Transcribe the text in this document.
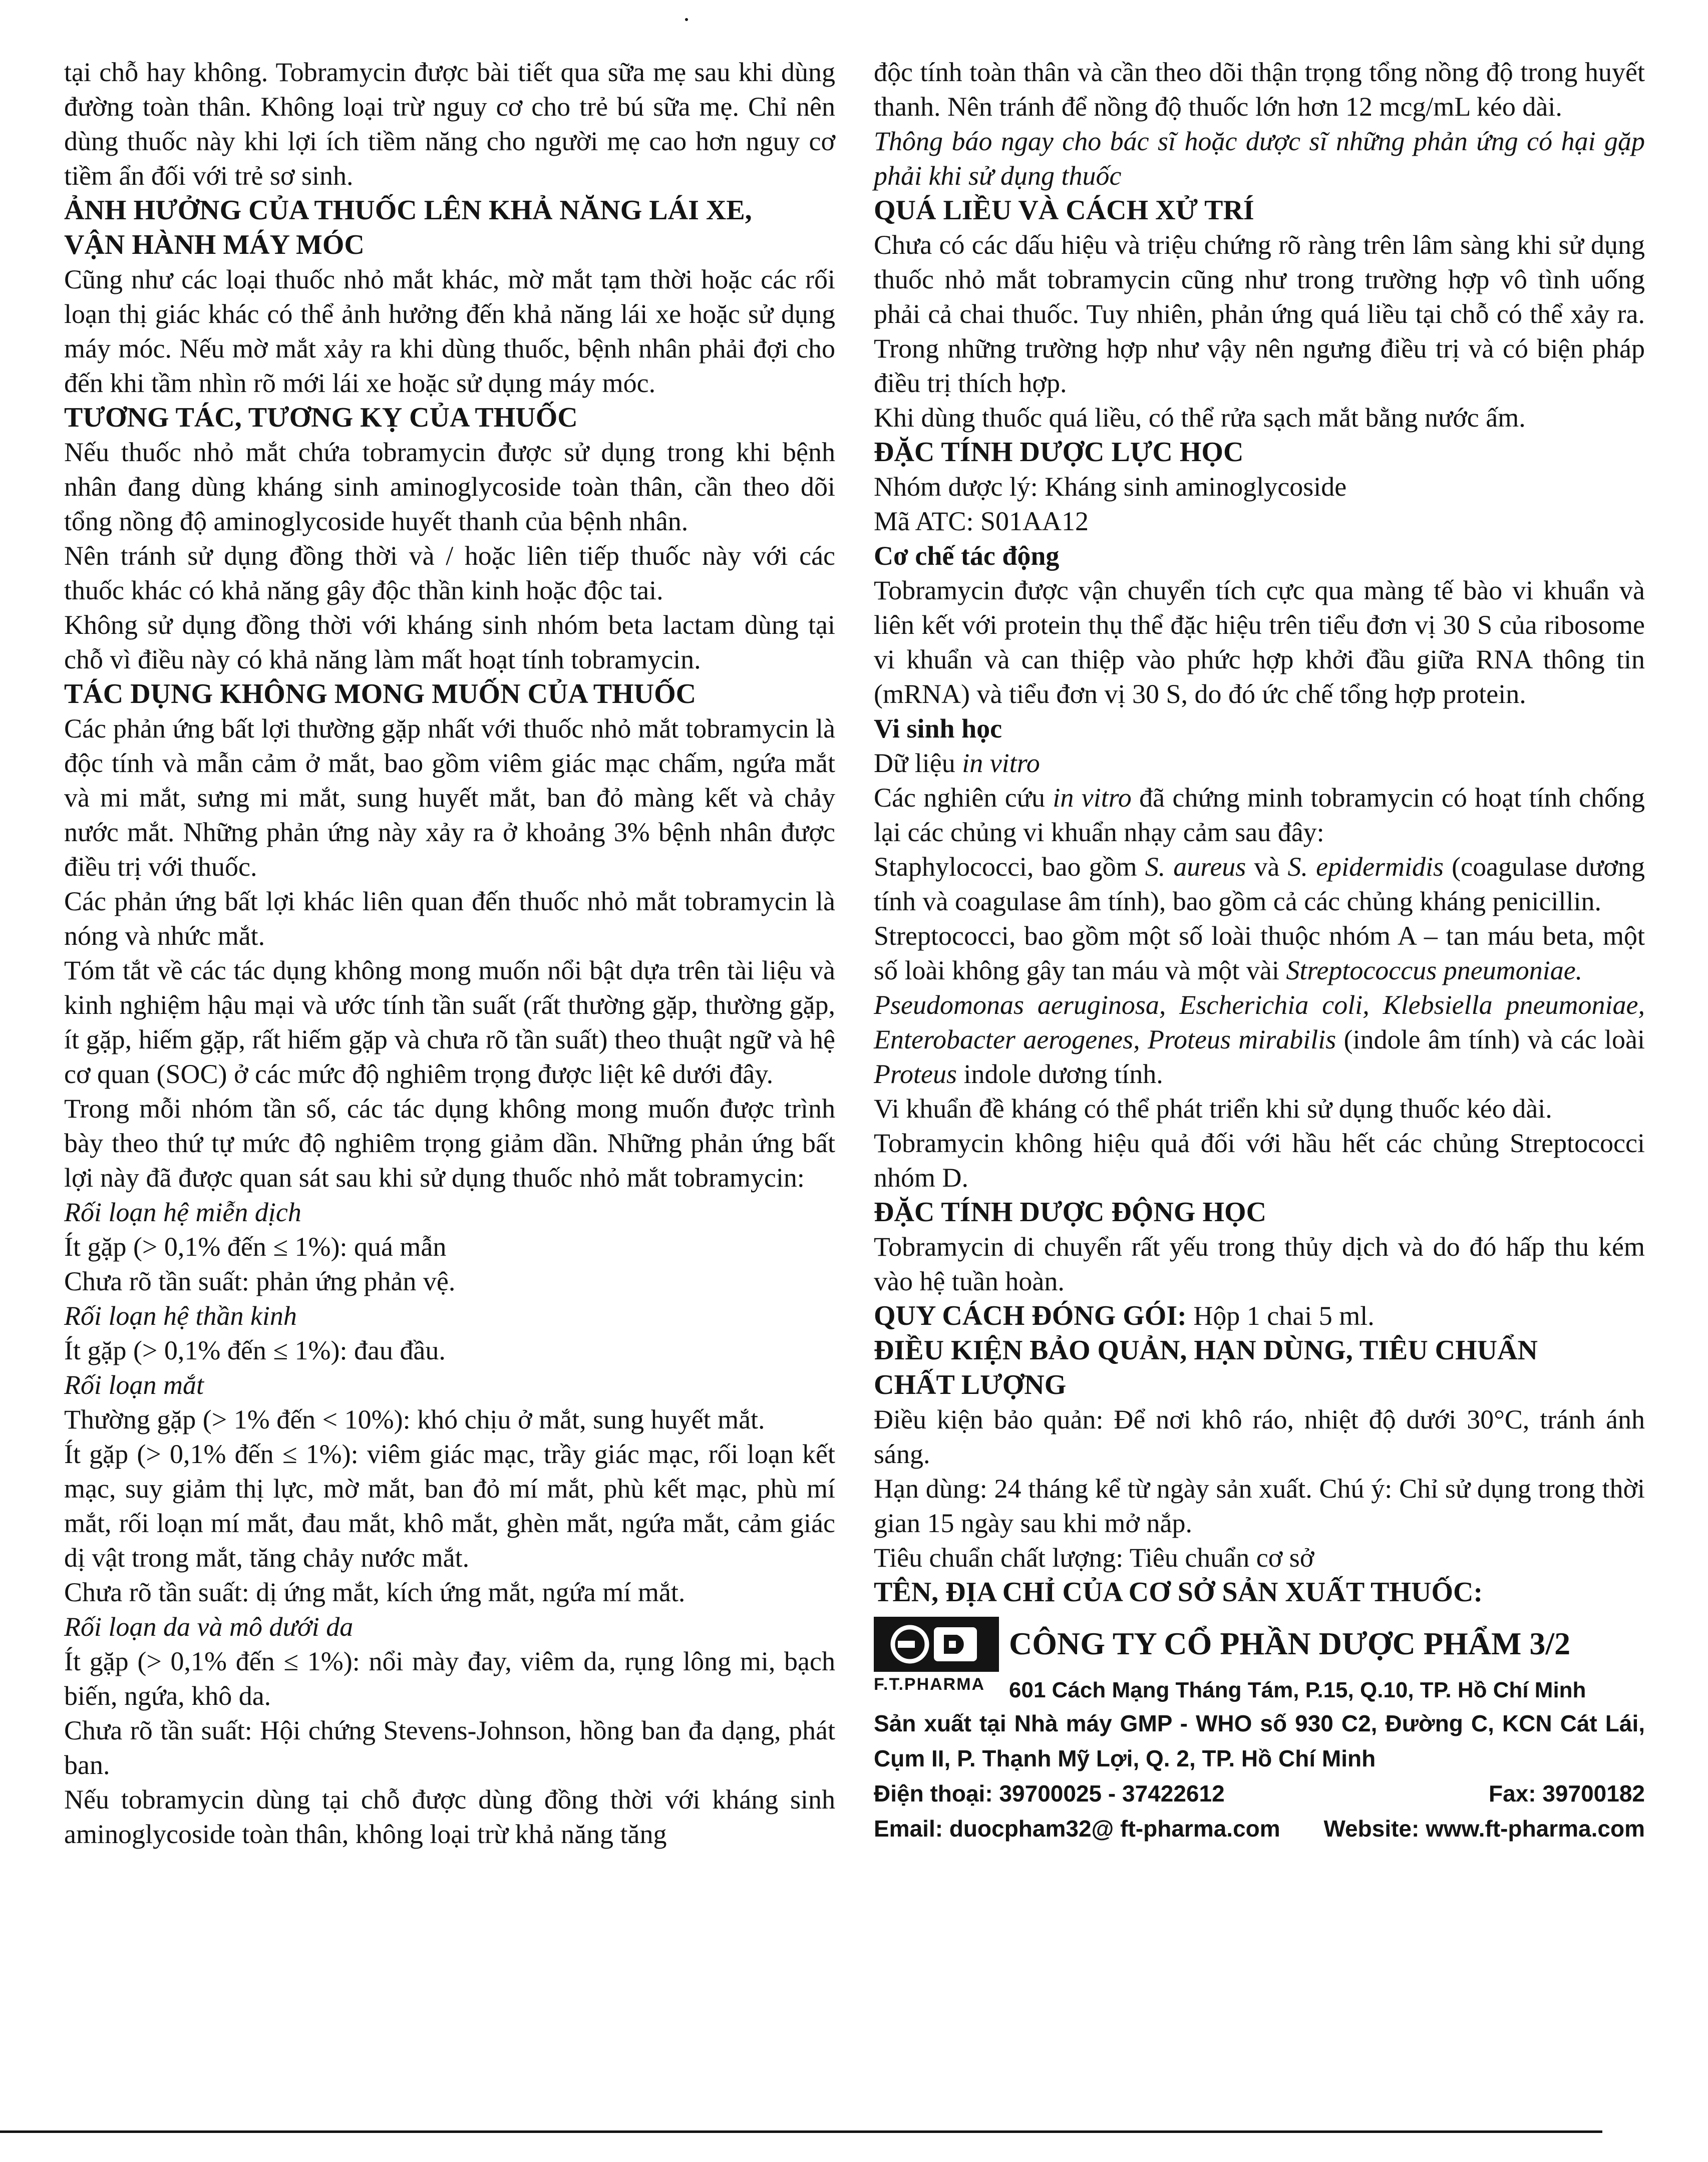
tại chỗ hay không. Tobramycin được bài tiết qua sữa mẹ sau khi dùng đường toàn thân. Không loại trừ nguy cơ cho trẻ bú sữa mẹ. Chỉ nên dùng thuốc này khi lợi ích tiềm năng cho người mẹ cao hơn nguy cơ tiềm ẩn đối với trẻ sơ sinh.

ẢNH HƯỞNG CỦA THUỐC LÊN KHẢ NĂNG LÁI XE,
VẬN HÀNH MÁY MÓC

Cũng như các loại thuốc nhỏ mắt khác, mờ mắt tạm thời hoặc các rối loạn thị giác khác có thể ảnh hưởng đến khả năng lái xe hoặc sử dụng máy móc. Nếu mờ mắt xảy ra khi dùng thuốc, bệnh nhân phải đợi cho đến khi tầm nhìn rõ mới lái xe hoặc sử dụng máy móc.

TƯƠNG TÁC, TƯƠNG KỴ CỦA THUỐC

Nếu thuốc nhỏ mắt chứa tobramycin được sử dụng trong khi bệnh nhân đang dùng kháng sinh aminoglycoside toàn thân, cần theo dõi tổng nồng độ aminoglycoside huyết thanh của bệnh nhân.

Nên tránh sử dụng đồng thời và / hoặc liên tiếp thuốc này với các thuốc khác có khả năng gây độc thần kinh hoặc độc tai.

Không sử dụng đồng thời với kháng sinh nhóm beta lactam dùng tại chỗ vì điều này có khả năng làm mất hoạt tính tobramycin.

TÁC DỤNG KHÔNG MONG MUỐN CỦA THUỐC

Các phản ứng bất lợi thường gặp nhất với thuốc nhỏ mắt tobramycin là độc tính và mẫn cảm ở mắt, bao gồm viêm giác mạc chấm, ngứa mắt và mi mắt, sưng mi mắt, sung huyết mắt, ban đỏ màng kết và chảy nước mắt. Những phản ứng này xảy ra ở khoảng 3% bệnh nhân được điều trị với thuốc.

Các phản ứng bất lợi khác liên quan đến thuốc nhỏ mắt tobramycin là nóng và nhức mắt.

Tóm tắt về các tác dụng không mong muốn nổi bật dựa trên tài liệu và kinh nghiệm hậu mại và ước tính tần suất (rất thường gặp, thường gặp, ít gặp, hiếm gặp, rất hiếm gặp và chưa rõ tần suất) theo thuật ngữ và hệ cơ quan (SOC) ở các mức độ nghiêm trọng được liệt kê dưới đây.

Trong mỗi nhóm tần số, các tác dụng không mong muốn được trình bày theo thứ tự mức độ nghiêm trọng giảm dần. Những phản ứng bất lợi này đã được quan sát sau khi sử dụng thuốc nhỏ mắt tobramycin:

Rối loạn hệ miễn dịch

Ít gặp (> 0,1% đến ≤ 1%): quá mẫn

Chưa rõ tần suất: phản ứng phản vệ.

Rối loạn hệ thần kinh

Ít gặp (> 0,1% đến ≤ 1%): đau đầu.

Rối loạn mắt

Thường gặp (> 1% đến < 10%): khó chịu ở mắt, sung huyết mắt.

Ít gặp (> 0,1% đến ≤ 1%): viêm giác mạc, trầy giác mạc, rối loạn kết mạc, suy giảm thị lực, mờ mắt, ban đỏ mí mắt, phù kết mạc, phù mí mắt, rối loạn mí mắt, đau mắt, khô mắt, ghèn mắt, ngứa mắt, cảm giác dị vật trong mắt, tăng chảy nước mắt.

Chưa rõ tần suất: dị ứng mắt, kích ứng mắt, ngứa mí mắt.

Rối loạn da và mô dưới da

Ít gặp (> 0,1% đến ≤ 1%): nổi mày đay, viêm da, rụng lông mi, bạch biến, ngứa, khô da.

Chưa rõ tần suất: Hội chứng Stevens-Johnson, hồng ban đa dạng, phát ban.

Nếu tobramycin dùng tại chỗ được dùng đồng thời với kháng sinh aminoglycoside toàn thân, không loại trừ khả năng tăng

độc tính toàn thân và cần theo dõi thận trọng tổng nồng độ trong huyết thanh. Nên tránh để nồng độ thuốc lớn hơn 12 mcg/mL kéo dài.

Thông báo ngay cho bác sĩ hoặc dược sĩ những phản ứng có hại gặp phải khi sử dụng thuốc

QUÁ LIỀU VÀ CÁCH XỬ TRÍ

Chưa có các dấu hiệu và triệu chứng rõ ràng trên lâm sàng khi sử dụng thuốc nhỏ mắt tobramycin cũng như trong trường hợp vô tình uống phải cả chai thuốc. Tuy nhiên, phản ứng quá liều tại chỗ có thể xảy ra. Trong những trường hợp như vậy nên ngưng điều trị và có biện pháp điều trị thích hợp.

Khi dùng thuốc quá liều, có thể rửa sạch mắt bằng nước ấm.

ĐẶC TÍNH DƯỢC LỰC HỌC

Nhóm dược lý: Kháng sinh aminoglycoside

Mã ATC: S01AA12

Cơ chế tác động

Tobramycin được vận chuyển tích cực qua màng tế bào vi khuẩn và liên kết với protein thụ thể đặc hiệu trên tiểu đơn vị 30 S của ribosome vi khuẩn và can thiệp vào phức hợp khởi đầu giữa RNA thông tin (mRNA) và tiểu đơn vị 30 S, do đó ức chế tổng hợp protein.

Vi sinh học

Dữ liệu in vitro

Các nghiên cứu in vitro đã chứng minh tobramycin có hoạt tính chống lại các chủng vi khuẩn nhạy cảm sau đây:

Staphylococci, bao gồm S. aureus và S. epidermidis (coagulase dương tính và coagulase âm tính), bao gồm cả các chủng kháng penicillin.

Streptococci, bao gồm một số loài thuộc nhóm A – tan máu beta, một số loài không gây tan máu và một vài Streptococcus pneumoniae.

Pseudomonas aeruginosa, Escherichia coli, Klebsiella pneumoniae, Enterobacter aerogenes, Proteus mirabilis (indole âm tính) và các loài Proteus indole dương tính.

Vi khuẩn đề kháng có thể phát triển khi sử dụng thuốc kéo dài.

Tobramycin không hiệu quả đối với hầu hết các chủng Streptococci nhóm D.

ĐẶC TÍNH DƯỢC ĐỘNG HỌC

Tobramycin di chuyển rất yếu trong thủy dịch và do đó hấp thu kém vào hệ tuần hoàn.

QUY CÁCH ĐÓNG GÓI: Hộp 1 chai 5 ml.

ĐIỀU KIỆN BẢO QUẢN, HẠN DÙNG, TIÊU CHUẨN
CHẤT LƯỢNG

Điều kiện bảo quản: Để nơi khô ráo, nhiệt độ dưới 30°C, tránh ánh sáng.

Hạn dùng: 24 tháng kể từ ngày sản xuất. Chú ý: Chỉ sử dụng trong thời gian 15 ngày sau khi mở nắp.

Tiêu chuẩn chất lượng: Tiêu chuẩn cơ sở

TÊN, ĐỊA CHỈ CỦA CƠ SỞ SẢN XUẤT THUỐC:
F.T.PHARMA
CÔNG TY CỔ PHẦN DƯỢC PHẨM 3/2
601 Cách Mạng Tháng Tám, P.15, Q.10, TP. Hồ Chí Minh
Sản xuất tại Nhà máy GMP - WHO số 930 C2, Đường C, KCN Cát Lái, Cụm II, P. Thạnh Mỹ Lợi, Q. 2, TP. Hồ Chí Minh
Điện thoại: 39700025 - 37422612	Fax: 39700182
Email: duocpham32@ ft-pharma.com Website: www.ft-pharma.com
